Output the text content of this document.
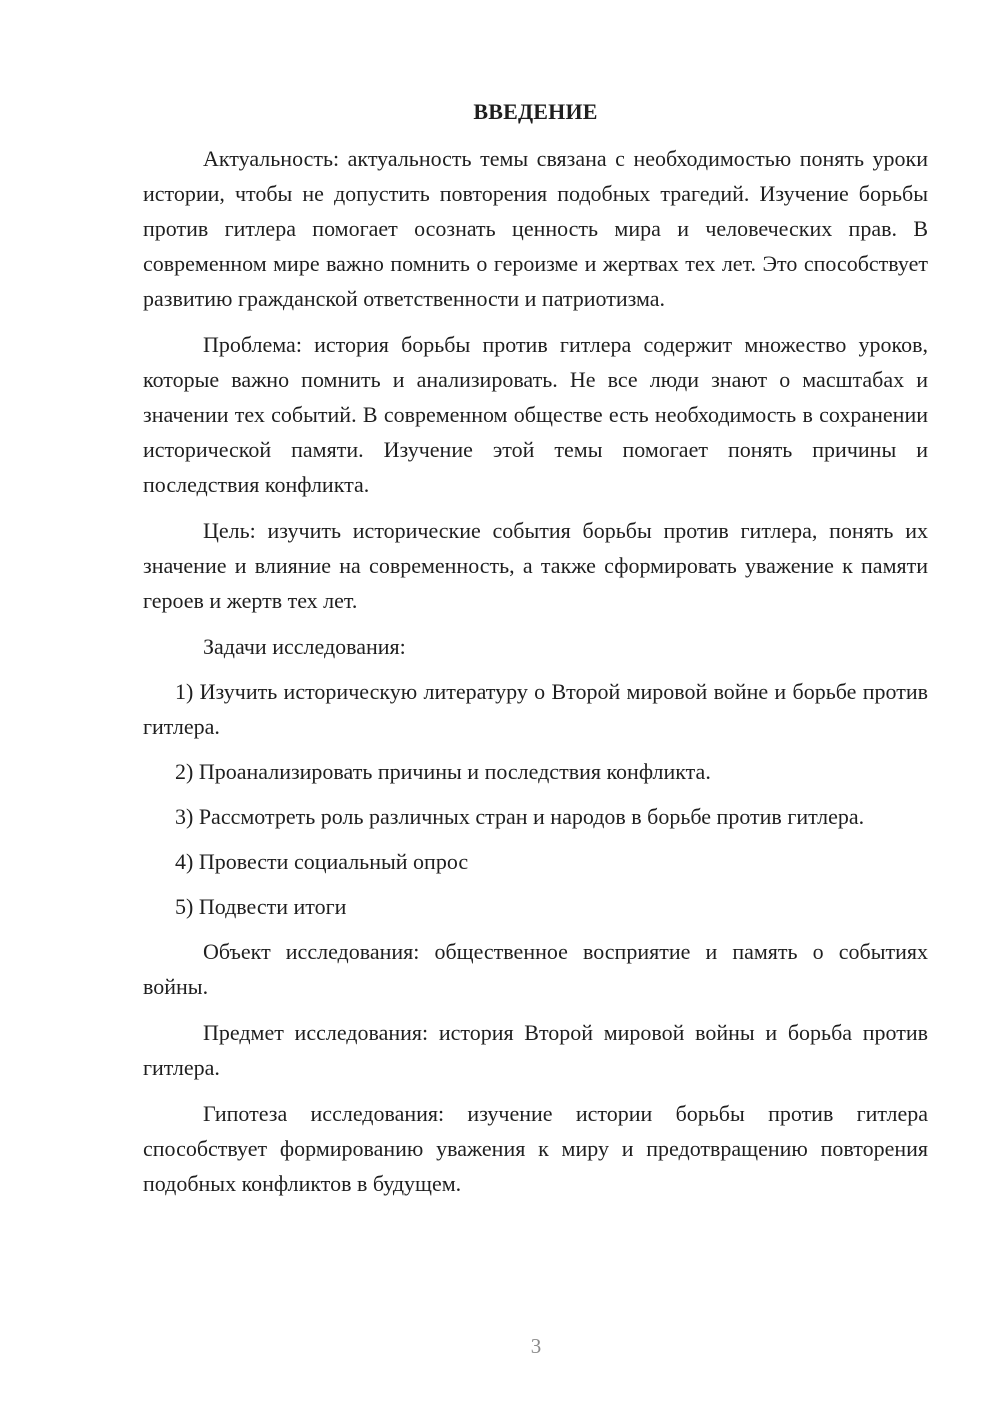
ВВЕДЕНИЕ

Актуальность: актуальность темы связана с необходимостью понять уроки истории, чтобы не допустить повторения подобных трагедий. Изучение борьбы против гитлера помогает осознать ценность мира и человеческих прав. В современном мире важно помнить о героизме и жертвах тех лет. Это способствует развитию гражданской ответственности и патриотизма.

Проблема: история борьбы против гитлера содержит множество уроков, которые важно помнить и анализировать. Не все люди знают о масштабах и значении тех событий. В современном обществе есть необходимость в сохранении исторической памяти. Изучение этой темы помогает понять причины и последствия конфликта.

Цель: изучить исторические события борьбы против гитлера, понять их значение и влияние на современность, а также сформировать уважение к памяти героев и жертв тех лет.

Задачи исследования:

1) Изучить историческую литературу о Второй мировой войне и борьбе против гитлера.

2) Проанализировать причины и последствия конфликта.

3) Рассмотреть роль различных стран и народов в борьбе против гитлера.

4) Провести социальный опрос

5) Подвести итоги

Объект исследования: общественное восприятие и память о событиях войны.

Предмет исследования: история Второй мировой войны и борьба против гитлера.

Гипотеза исследования: изучение истории борьбы против гитлера способствует формированию уважения к миру и предотвращению повторения подобных конфликтов в будущем.

3
